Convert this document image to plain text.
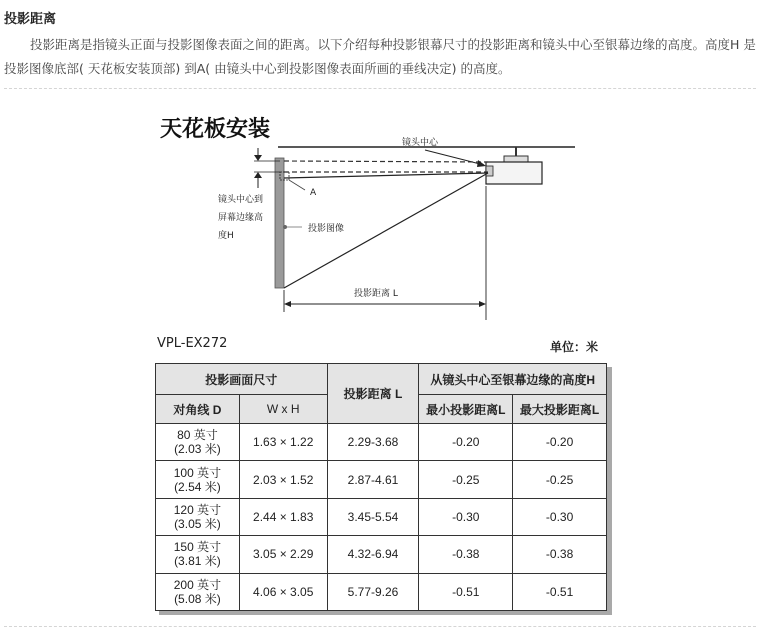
投影距离

投影距离是指镜头正面与投影图像表面之间的距离。以下介绍每种投影银幕尺寸的投影距离和镜头中心至银幕边缘的高度。高度H 是投影图像底部( 天花板安装顶部) 到A( 由镜头中心到投影图像表面所画的垂线决定) 的高度。

天花板安装
A
镜头中心到
屏幕边缘高
度H
投影图像
镜头中心
投影距离 L
VPL-EX272	单位：米
投影画面尺寸		投影距离 L	从镜头中心至银幕边缘的高度H	
对角线 D	W x H		最小投影距离L	最大投影距离L
80 英寸
(2.03 米)	1.63 × 1.22	2.29-3.68	-0.20	-0.20
100 英寸
(2.54 米)	2.03 × 1.52	2.87-4.61	-0.25	-0.25
120 英寸
(3.05 米)	2.44 × 1.83	3.45-5.54	-0.30	-0.30
150 英寸
(3.81 米)	3.05 × 2.29	4.32-6.94	-0.38	-0.38
200 英寸
(5.08 米)	4.06 × 3.05	5.77-9.26	-0.51	-0.51
